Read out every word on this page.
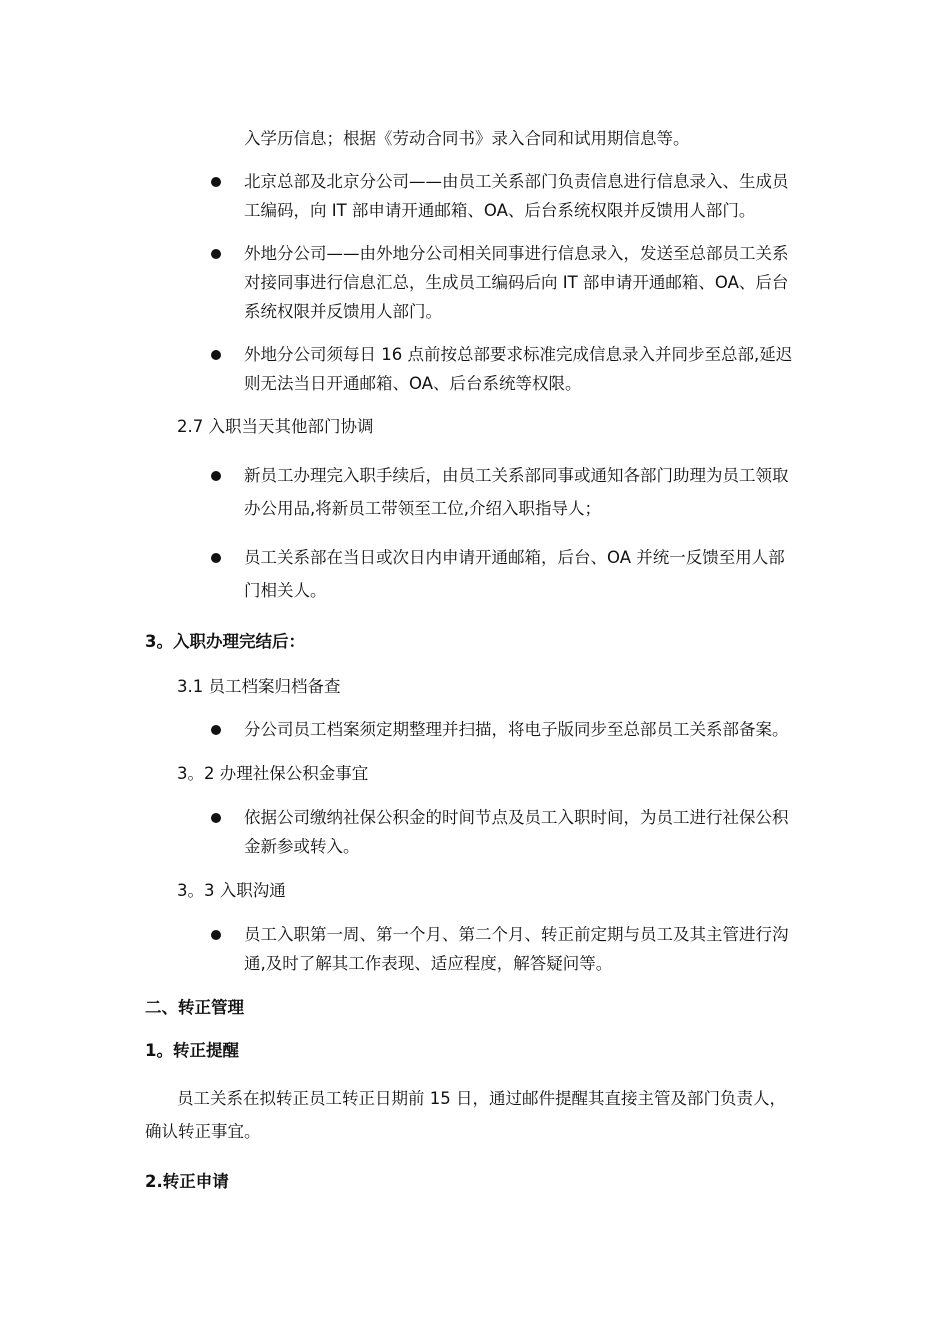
入学历信息；根据《劳动合同书》录入合同和试用期信息等。
北京总部及北京分公司——由员工关系部门负责信息进行信息录入、生成员
工编码，向 IT 部申请开通邮箱、OA、后台系统权限并反馈用人部门。
外地分公司——由外地分公司相关同事进行信息录入，发送至总部员工关系
对接同事进行信息汇总，生成员工编码后向 IT 部申请开通邮箱、OA、后台
系统权限并反馈用人部门。
外地分公司须每日 16 点前按总部要求标准完成信息录入并同步至总部,延迟
则无法当日开通邮箱、OA、后台系统等权限。
2.7 入职当天其他部门协调
新员工办理完入职手续后，由员工关系部同事或通知各部门助理为员工领取
办公用品,将新员工带领至工位,介绍入职指导人；
员工关系部在当日或次日内申请开通邮箱，后台、OA 并统一反馈至用人部
门相关人。
3。入职办理完结后：
3.1 员工档案归档备查
分公司员工档案须定期整理并扫描，将电子版同步至总部员工关系部备案。
3。2 办理社保公积金事宜
依据公司缴纳社保公积金的时间节点及员工入职时间，为员工进行社保公积
金新参或转入。
3。3 入职沟通
员工入职第一周、第一个月、第二个月、转正前定期与员工及其主管进行沟
通,及时了解其工作表现、适应程度，解答疑问等。
二、转正管理
1。转正提醒
员工关系在拟转正员工转正日期前 15 日，通过邮件提醒其直接主管及部门负责人，
确认转正事宜。
2.转正申请
